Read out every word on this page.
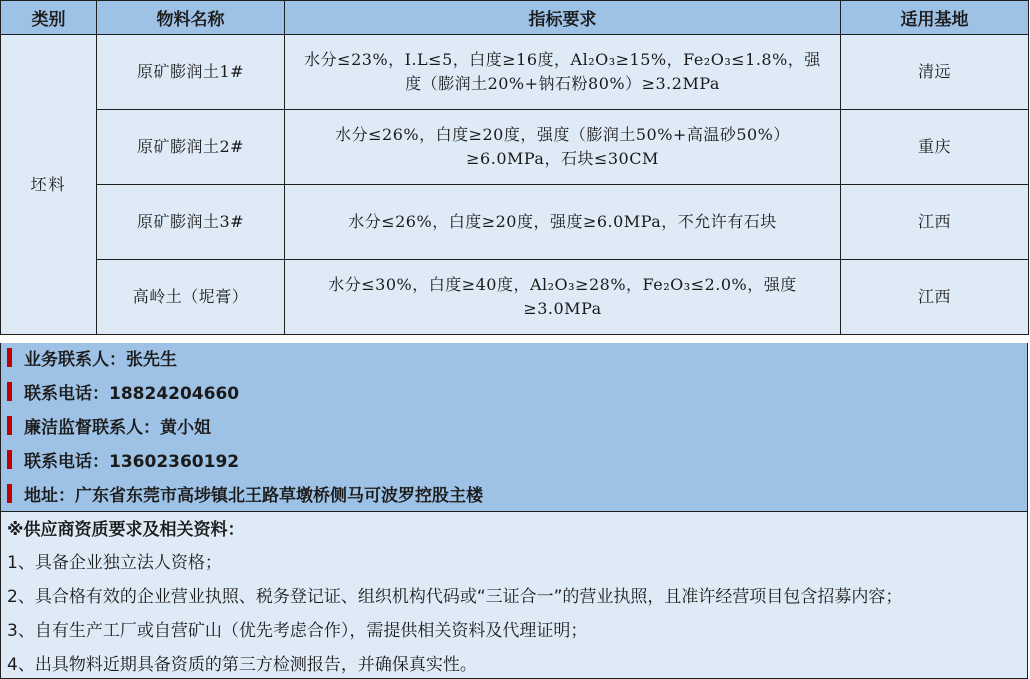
类别	物料名称	指标要求	适用基地
坯料	原矿膨润土1#	水分≤23%，I.L≤5，白度≥16度，Al₂O₃≥15%，Fe₂O₃≤1.8%，强度（膨润土20%+钠石粉80%）≥3.2MPa	清远
	原矿膨润土2#	水分≤26%，白度≥20度，强度（膨润土50%+高温砂50%）≥6.0MPa，石块≤30CM	重庆
	原矿膨润土3#	水分≤26%，白度≥20度，强度≥6.0MPa，不允许有石块	江西
	高岭土（坭膏）	水分≤30%，白度≥40度，Al₂O₃≥28%，Fe₂O₃≤2.0%，强度≥3.0MPa	江西
业务联系人：张先生
联系电话：18824204660
廉洁监督联系人：黄小姐
联系电话：13602360192
地址：广东省东莞市高埗镇北王路草墩桥侧马可波罗控股主楼
※供应商资质要求及相关资料：
1、具备企业独立法人资格；
2、具合格有效的企业营业执照、税务登记证、组织机构代码或“三证合一”的营业执照，且准许经营项目包含招募内容；
3、自有生产工厂或自营矿山（优先考虑合作），需提供相关资料及代理证明；
4、出具物料近期具备资质的第三方检测报告，并确保真实性。
